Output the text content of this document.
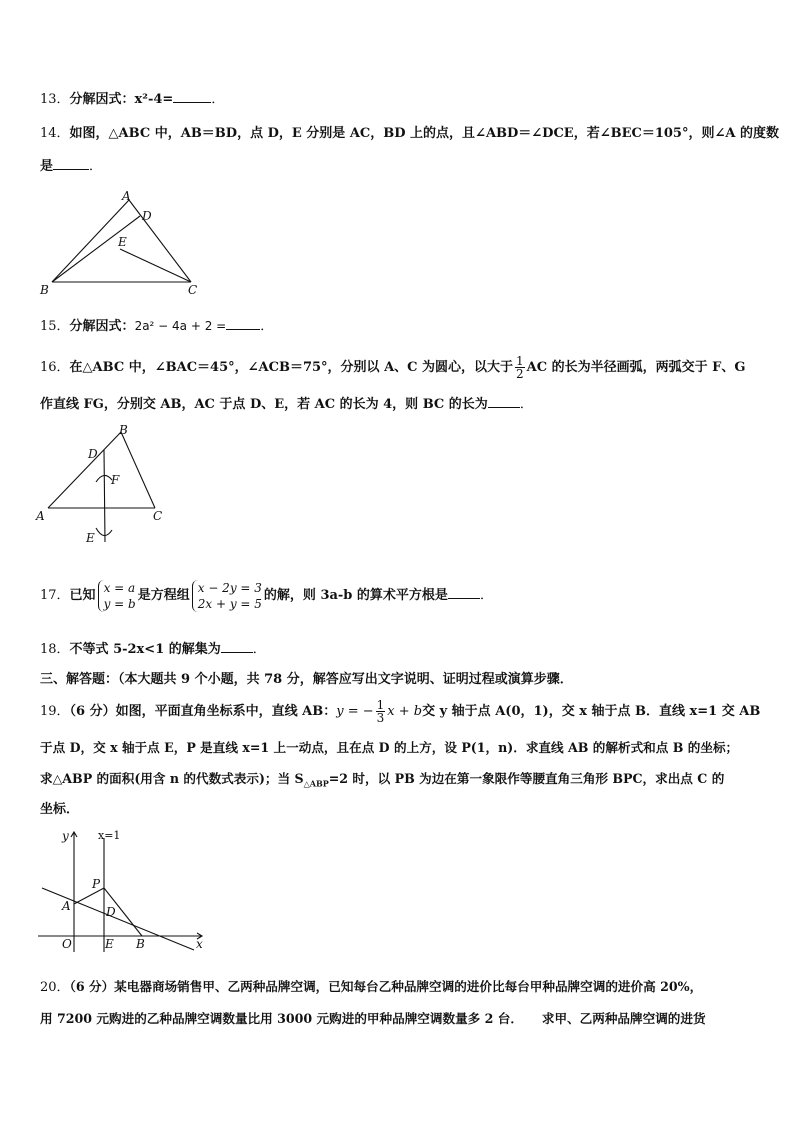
13．分解因式：x²-4=	．
14．如图，△ABC 中，AB＝BD，点 D，E 分别是 AC，BD 上的点，且∠ABD＝∠DCE，若∠BEC＝105°，则∠A 的度数
是	．
A
D
E
B	C
15．分解因式：2a² − 4a + 2 =	．
16．在△ABC 中，∠BAC＝45°，∠ACB＝75°，分别以 A、C 为圆心，以大于 $\frac{1}{2}$ AC 的长为半径画弧，两弧交于 F、G
作直线 FG，分别交 AB，AC 于点 D、E，若 AC 的长为 4，则 BC 的长为 ．
B
D
F
A	C
E
17．已知
x = a
y = b
是方程组
x − 2y = 3
2x + y = 5
的解，则 3a-b 的算术平方根是 ．
18．不等式 5-2x<1 的解集为 ．
三、解答题：（本大题共 9 个小题，共 78 分，解答应写出文字说明、证明过程或演算步骤．
19．（6 分）如图，平面直角坐标系中，直线 AB：y = − $\frac{1}{3}$ x + b交 y 轴于点 A(0，1)，交 x 轴于点 B．直线 x=1 交 AB
于点 D，交 x 轴于点 E，P 是直线 x=1 上一动点，且在点 D 的上方，设 P(1，n)．求直线 AB 的解析式和点 B 的坐标；
求△ABP 的面积(用含 n 的代数式表示)；当 $S_{\triangle ABP}=2$ 时，以 PB 为边在第一象限作等腰直角三角形 BPC，求出点 C 的
坐标．
y	x=1
P
A	D
O	E B	x
20．（6 分）某电器商场销售甲、乙两种品牌空调，已知每台乙种品牌空调的进价比每台甲种品牌空调的进价高 20%，
用 7200 元购进的乙种品牌空调数量比用 3000 元购进的甲种品牌空调数量多 2 台．　　求甲、乙两种品牌空调的进货
